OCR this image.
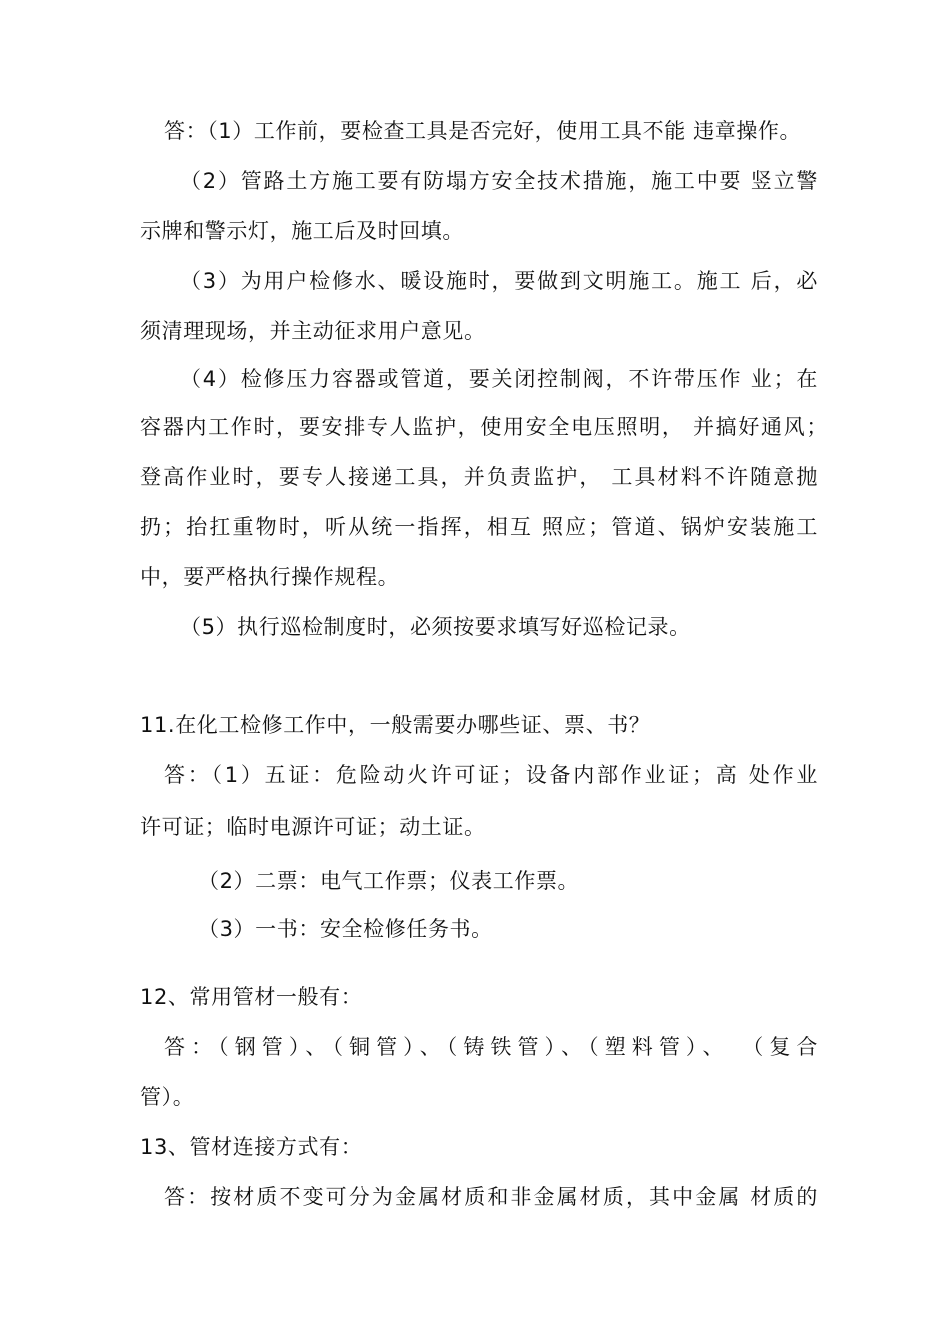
答：（1）工作前，要检查工具是否完好，使用工具不能 违章操作。

（2）管路土方施工要有防塌方安全技术措施，施工中要 竖立警

示牌和警示灯，施工后及时回填。

（3）为用户检修水、暖设施时，要做到文明施工。施工 后，必

须清理现场，并主动征求用户意见。

（4）检修压力容器或管道，要关闭控制阀，不许带压作 业；在

容器内工作时，要安排专人监护，使用安全电压照明， 并搞好通风；

登高作业时，要专人接递工具，并负责监护， 工具材料不许随意抛

扔；抬扛重物时，听从统一指挥，相互 照应；管道、锅炉安装施工

中，要严格执行操作规程。

（5）执行巡检制度时，必须按要求填写好巡检记录。

11.在化工检修工作中，一般需要办哪些证、票、书？

答：（1）五证：危险动火许可证；设备内部作业证；高 处作业

许可证；临时电源许可证；动土证。

（2）二票：电气工作票；仪表工作票。

（3）一书：安全检修任务书。

12、常用管材一般有：

答：（钢管）、（铜管）、（铸铁管）、（塑料管）、 （复合

管）。

13、管材连接方式有：

答：按材质不变可分为金属材质和非金属材质，其中金属 材质的
